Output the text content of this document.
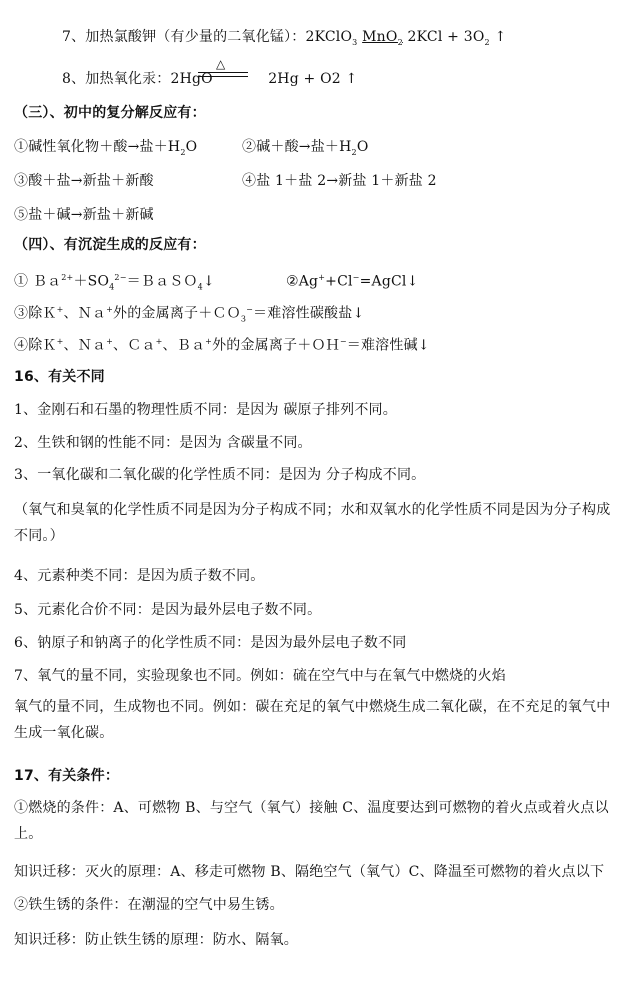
7、加热氯酸钾（有少量的二氧化锰）：2KClO$_3$ MnO$_2$ $2KCl + 3O_2$ ↑
8、加热氧化汞：2HgO	2Hg + O2 ↑
△
（三）、初中的复分解反应有：
①碱性氧化物＋酸→盐$+H_2O$	②碱＋酸→盐$+H_2O$
③酸＋盐→新盐＋新酸	④盐 1＋盐 2→新盐 1＋新盐 2
⑤盐＋碱→新盐＋新碱
（四）、有沉淀生成的反应有：
① $Ba^{2+}+SO_4^{2-}=BaSO_4↓$	②Ag++Cl−=AgCl↓
③除Ｋ+、Ｎａ+外的金属离子＋ＣＯ$_3$−＝难溶性碳酸盐↓
④除Ｋ+、Ｎａ+、Ｃａ+、Ｂａ+外的金属离子＋ＯＨ−＝难溶性碱↓
16、有关不同
1、金刚石和石墨的物理性质不同：是因为 碳原子排列不同。
2、生铁和钢的性能不同：是因为 含碳量不同。
3、一氧化碳和二氧化碳的化学性质不同：是因为 分子构成不同。
（氧气和臭氧的化学性质不同是因为分子构成不同；水和双氧水的化学性质不同是因为分子构成不同。）
4、元素种类不同：是因为质子数不同。
5、元素化合价不同：是因为最外层电子数不同。
6、钠原子和钠离子的化学性质不同：是因为最外层电子数不同
7、氧气的量不同，实验现象也不同。例如：硫在空气中与在氧气中燃烧的火焰
氧气的量不同，生成物也不同。例如：碳在充足的氧气中燃烧生成二氧化碳，在不充足的氧气中生成一氧化碳。
17、有关条件：
①燃烧的条件：A、可燃物 B、与空气（氧气）接触 C、温度要达到可燃物的着火点或着火点以上。
知识迁移：灭火的原理：A、移走可燃物 B、隔绝空气（氧气）C、降温至可燃物的着火点以下
②铁生锈的条件：在潮湿的空气中易生锈。
知识迁移：防止铁生锈的原理：防水、隔氧。
